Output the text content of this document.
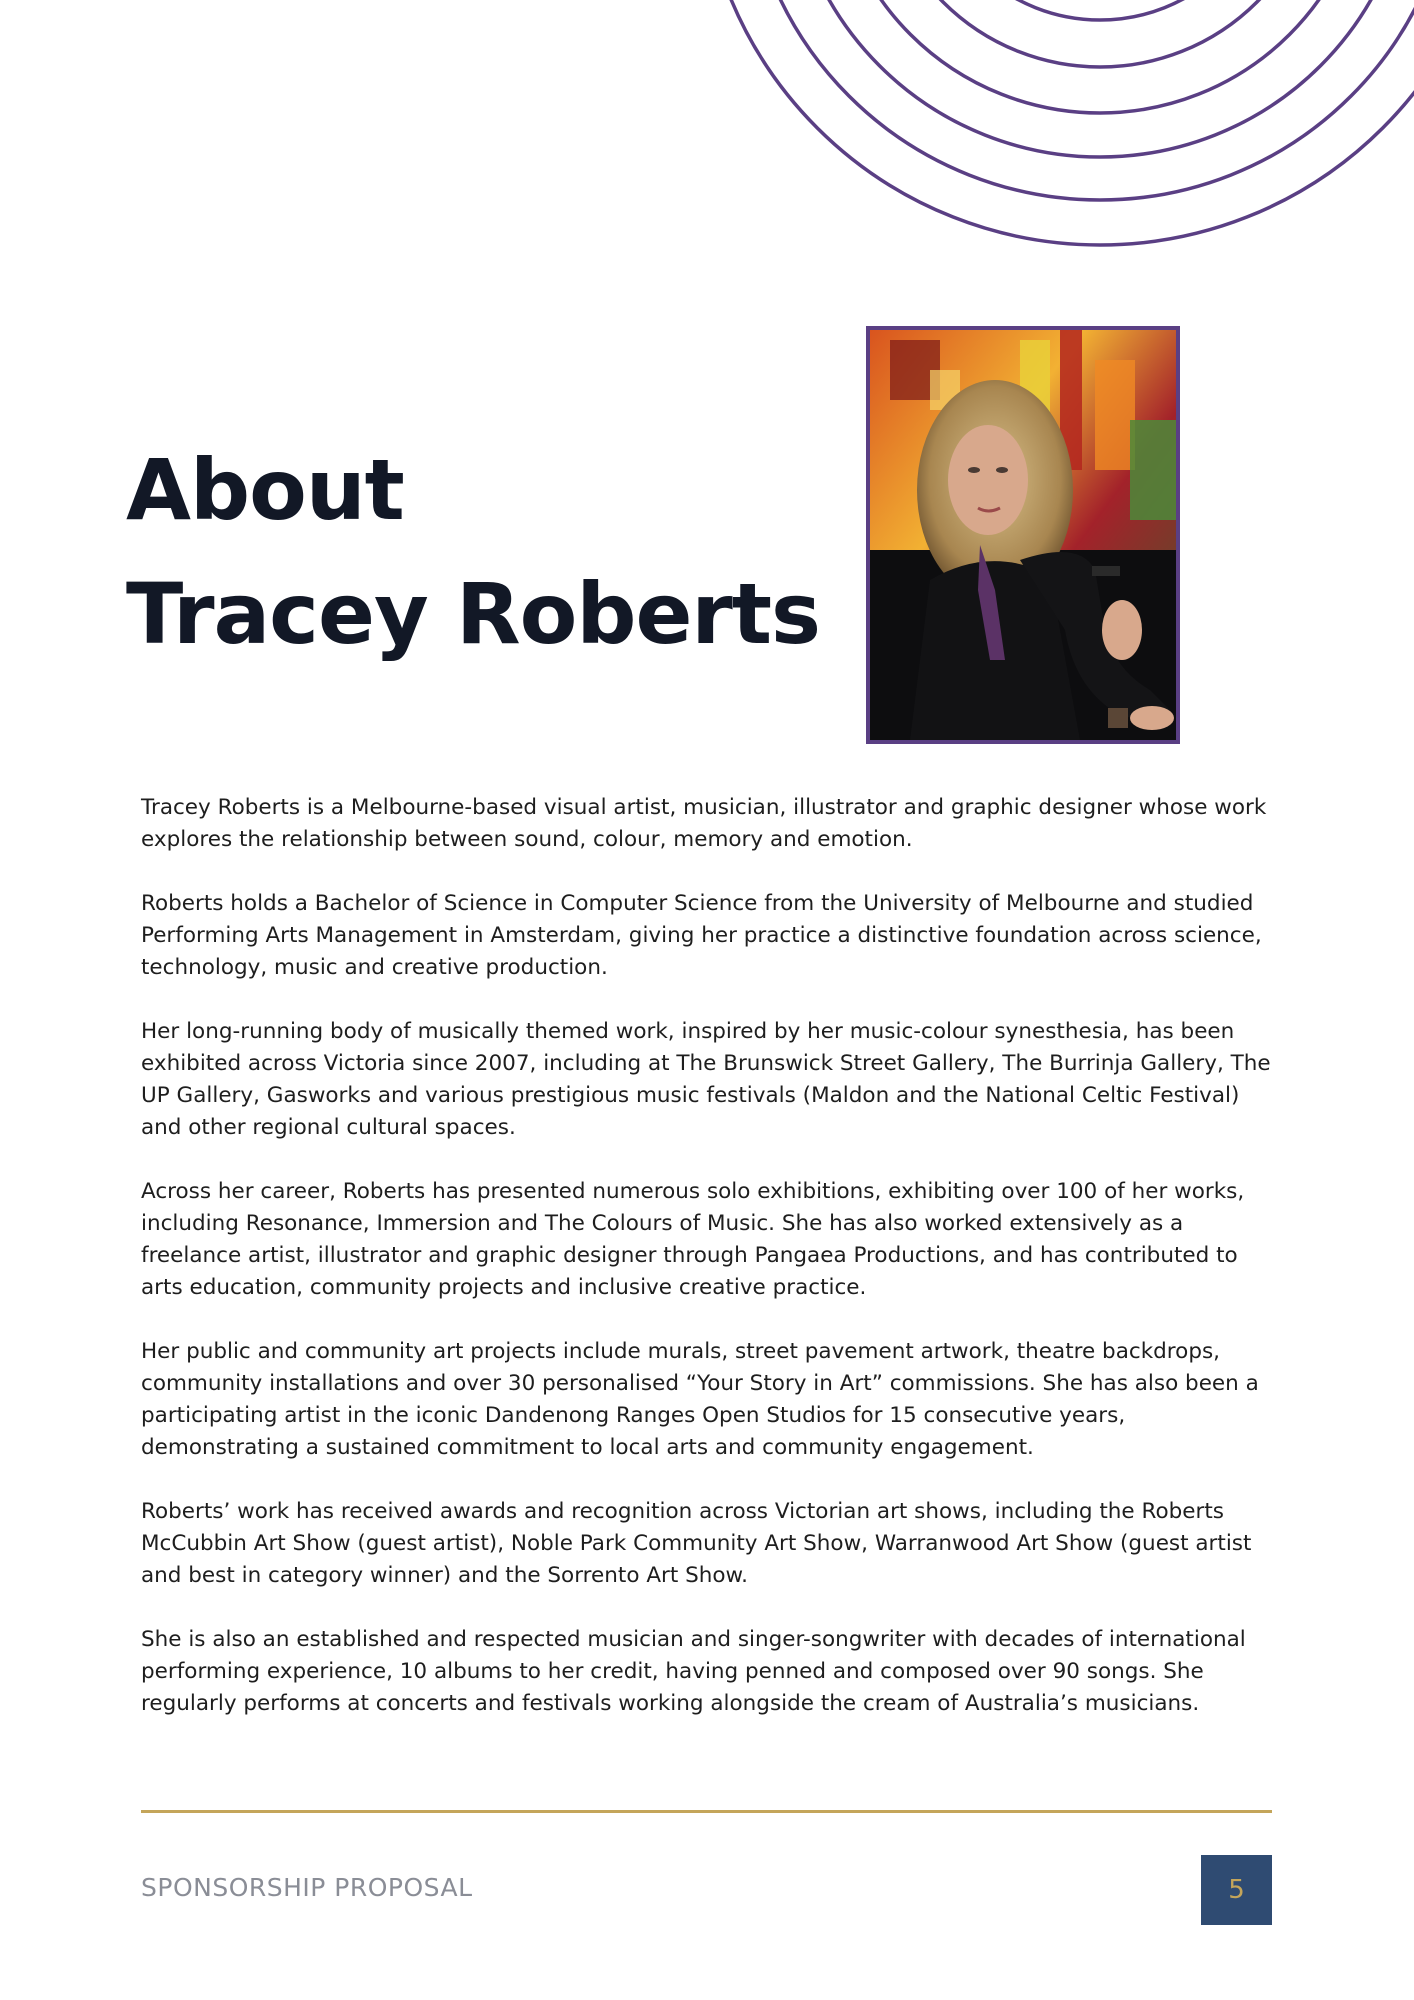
About
Tracey Roberts

Tracey Roberts is a Melbourne-based visual artist, musician, illustrator and graphic designer whose work explores the relationship between sound, colour, memory and emotion.

Roberts holds a Bachelor of Science in Computer Science from the University of Melbourne and studied Performing Arts Management in Amsterdam, giving her practice a distinctive foundation across science, technology, music and creative production.

Her long-running body of musically themed work, inspired by her music-colour synesthesia, has been exhibited across Victoria since 2007, including at The Brunswick Street Gallery, The Burrinja Gallery, The UP Gallery, Gasworks and various prestigious music festivals (Maldon and the National Celtic Festival) and other regional cultural spaces.

Across her career, Roberts has presented numerous solo exhibitions, exhibiting over 100 of her works, including Resonance, Immersion and The Colours of Music. She has also worked extensively as a freelance artist, illustrator and graphic designer through Pangaea Productions, and has contributed to arts education, community projects and inclusive creative practice.

Her public and community art projects include murals, street pavement artwork, theatre backdrops, community installations and over 30 personalised “Your Story in Art” commissions. She has also been a participating artist in the iconic Dandenong Ranges Open Studios for 15 consecutive years, demonstrating a sustained commitment to local arts and community engagement.

Roberts’ work has received awards and recognition across Victorian art shows, including the Roberts McCubbin Art Show (guest artist), Noble Park Community Art Show, Warranwood Art Show (guest artist and best in category winner) and the Sorrento Art Show.

She is also an established and respected musician and singer-songwriter with decades of international performing experience, 10 albums to her credit, having penned and composed over 90 songs. She regularly performs at concerts and festivals working alongside the cream of Australia’s musicians.

SPONSORSHIP PROPOSAL	5
